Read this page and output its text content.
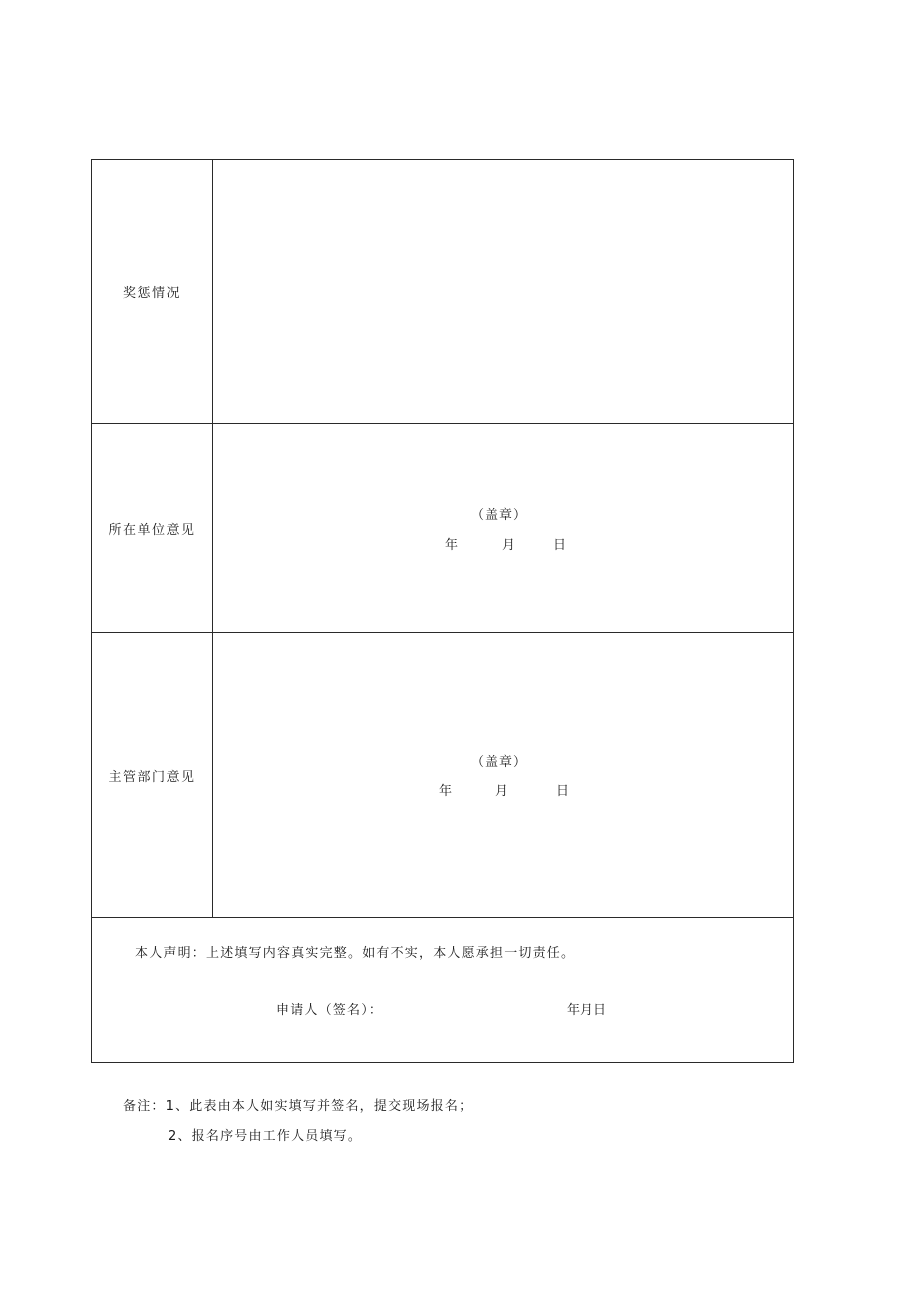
奖惩情况
所在单位意见
（盖章）
年	月	日
主管部门意见
（盖章）
年	月	日
本人声明：上述填写内容真实完整。如有不实，本人愿承担一切责任。
申请人（签名）：	年月日
备注：1、此表由本人如实填写并签名，提交现场报名；
2、报名序号由工作人员填写。
